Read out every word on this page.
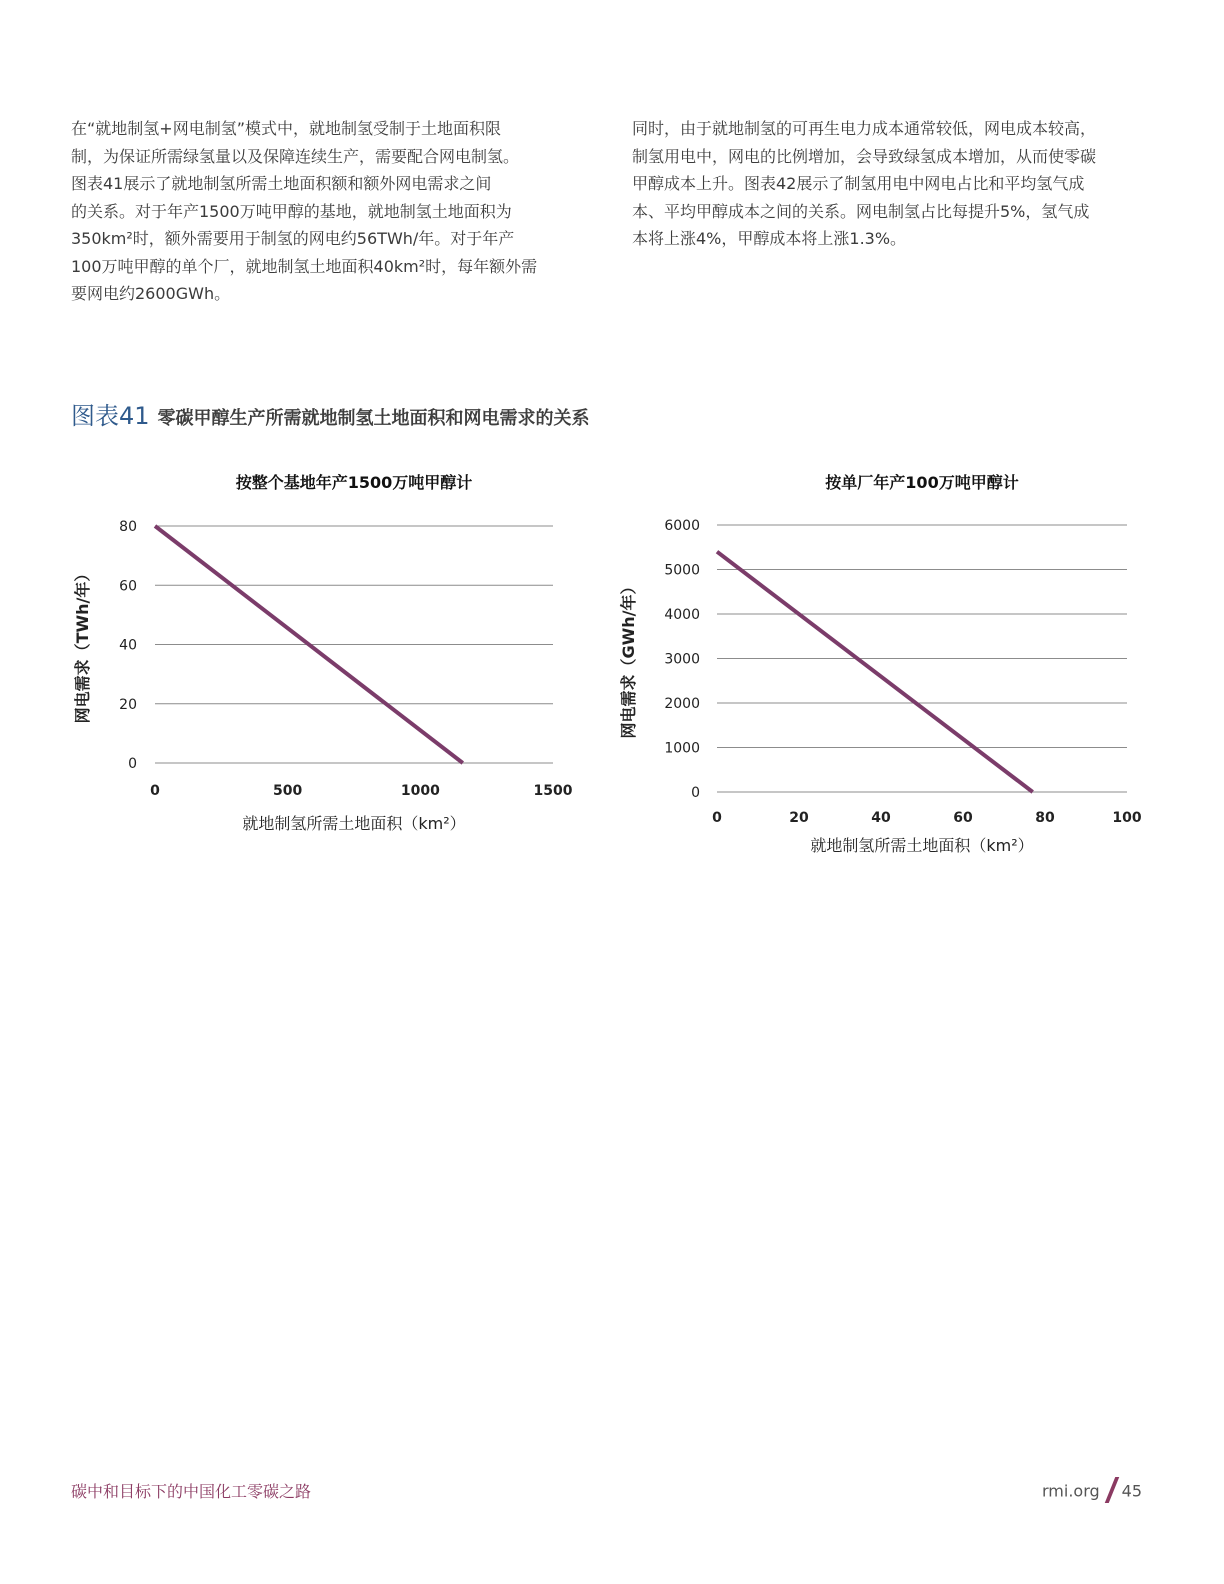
在“就地制氢+网电制氢”模式中，就地制氢受制于土地面积限

制，为保证所需绿氢量以及保障连续生产，需要配合网电制氢。

图表41展示了就地制氢所需土地面积额和额外网电需求之间

的关系。对于年产1500万吨甲醇的基地，就地制氢土地面积为

350km²时，额外需要用于制氢的网电约56TWh/年。对于年产

100万吨甲醇的单个厂，就地制氢土地面积40km²时，每年额外需

要网电约2600GWh。

同时，由于就地制氢的可再生电力成本通常较低，网电成本较高，

制氢用电中，网电的比例增加，会导致绿氢成本增加，从而使零碳

甲醇成本上升。图表42展示了制氢用电中网电占比和平均氢气成

本、平均甲醇成本之间的关系。网电制氢占比每提升5%，氢气成

本将上涨4%，甲醇成本将上涨1.3%。

图表41 零碳甲醇生产所需就地制氢土地面积和网电需求的关系
按整个基地年产1500万吨甲醇计
0
20
40
60
80
0	500	1000	1500
就地制氢所需土地面积（km²）
网电需求（TWh/年）
按单厂年产100万吨甲醇计
0
1000
2000
3000
4000
5000
6000
0	20	40	60	80	100
就地制氢所需土地面积（km²）
网电需求（GWh/年）
碳中和目标下的中国化工零碳之路	rmi.org 45
